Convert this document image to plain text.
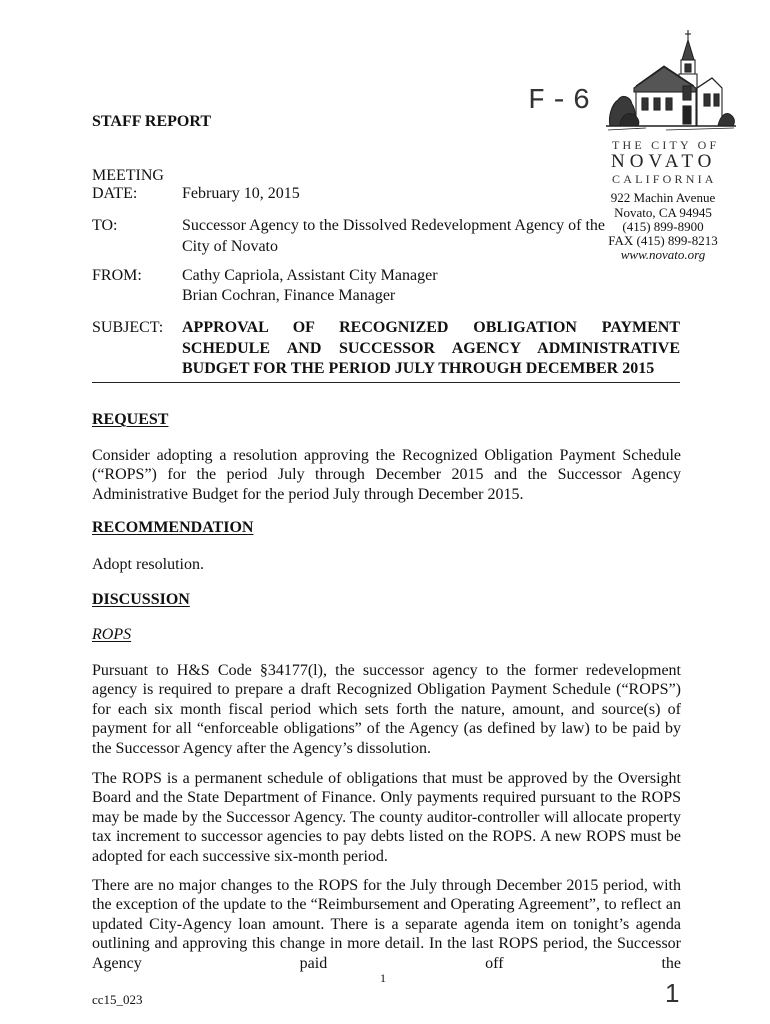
F-6
STAFF REPORT
THE CITY OF
NOVATO
CALIFORNIA
922 Machin Avenue
Novato, CA 94945
(415) 899-8900
FAX (415) 899-8213
www.novato.org
MEETING
DATE:	February 10, 2015
TO:	Successor Agency to the Dissolved Redevelopment Agency of the
City of Novato
FROM:	Cathy Capriola, Assistant City Manager
Brian Cochran, Finance Manager
SUBJECT: APPROVAL OF RECOGNIZED OBLIGATION PAYMENT SCHEDULE AND SUCCESSOR AGENCY ADMINISTRATIVE BUDGET FOR THE PERIOD JULY THROUGH DECEMBER 2015
REQUEST
Consider adopting a resolution approving the Recognized Obligation Payment Schedule (“ROPS”) for the period July through December 2015 and the Successor Agency Administrative Budget for the period July through December 2015.
RECOMMENDATION
Adopt resolution.
DISCUSSION
ROPS
Pursuant to H&S Code §34177(l), the successor agency to the former redevelopment agency is required to prepare a draft Recognized Obligation Payment Schedule (“ROPS”) for each six month fiscal period which sets forth the nature, amount, and source(s) of payment for all “enforceable obligations” of the Agency (as defined by law) to be paid by the Successor Agency after the Agency’s dissolution.
The ROPS is a permanent schedule of obligations that must be approved by the Oversight Board and the State Department of Finance. Only payments required pursuant to the ROPS may be made by the Successor Agency. The county auditor-controller will allocate property tax increment to successor agencies to pay debts listed on the ROPS. A new ROPS must be adopted for each successive six-month period.
There are no major changes to the ROPS for the July through December 2015 period, with the exception of the update to the “Reimbursement and Operating Agreement”, to reflect an updated City-Agency loan amount. There is a separate agenda item on tonight’s agenda outlining and approving this change in more detail. In the last ROPS period, the Successor Agency paid off the
1
cc15_023	1
